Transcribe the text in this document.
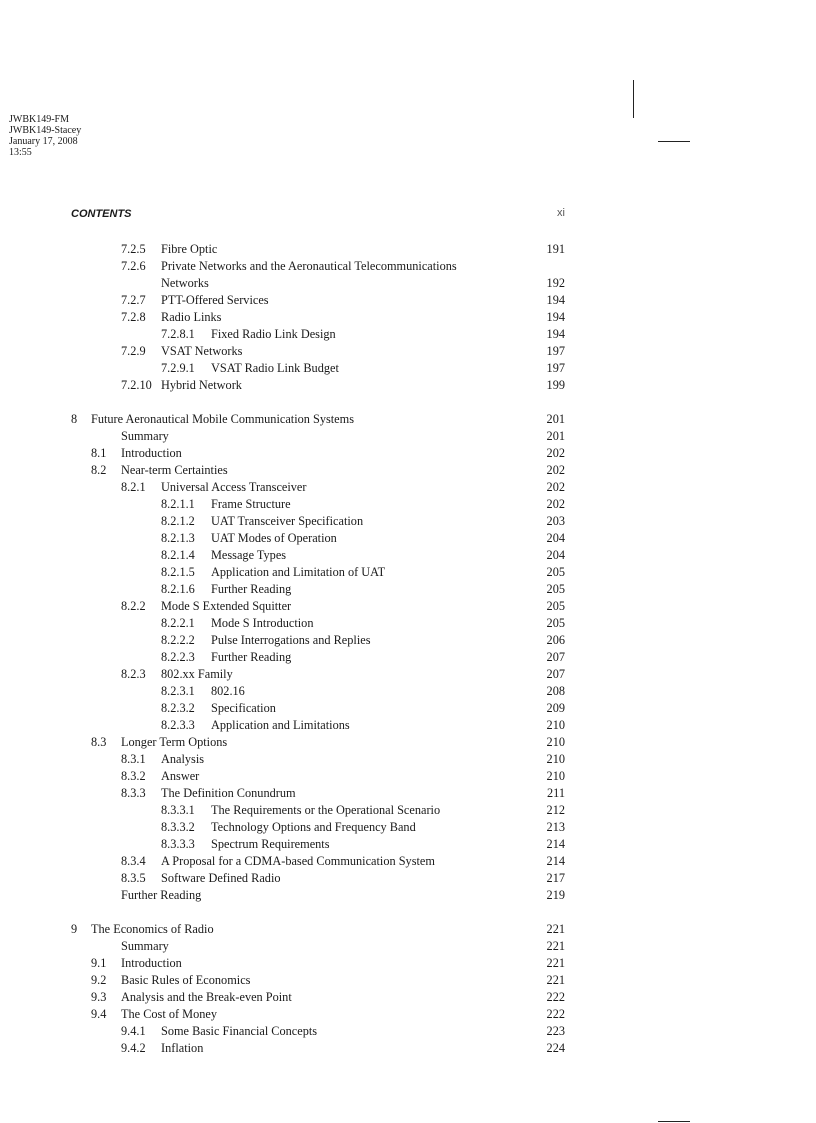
JWBK149-FM
JWBK149-Stacey
January 17, 2008
13:55

CONTENTS	xi
7.2.5 Fibre Optic	191
7.2.6 Private Networks and the Aeronautical Telecommunications
Networks	192
7.2.7 PTT-Offered Services	194
7.2.8 Radio Links	194
7.2.8.1 Fixed Radio Link Design	194
7.2.9 VSAT Networks	197
7.2.9.1 VSAT Radio Link Budget	197
7.2.10 Hybrid Network	199
8 Future Aeronautical Mobile Communication Systems	201
Summary	201
8.1 Introduction	202
8.2 Near-term Certainties	202
8.2.1 Universal Access Transceiver	202
8.2.1.1 Frame Structure	202
8.2.1.2 UAT Transceiver Specification	203
8.2.1.3 UAT Modes of Operation	204
8.2.1.4 Message Types	204
8.2.1.5 Application and Limitation of UAT	205
8.2.1.6 Further Reading	205
8.2.2 Mode S Extended Squitter	205
8.2.2.1 Mode S Introduction	205
8.2.2.2 Pulse Interrogations and Replies	206
8.2.2.3 Further Reading	207
8.2.3 802.xx Family	207
8.2.3.1 802.16	208
8.2.3.2 Specification	209
8.2.3.3 Application and Limitations	210
8.3 Longer Term Options	210
8.3.1 Analysis	210
8.3.2 Answer	210
8.3.3 The Definition Conundrum	211
8.3.3.1 The Requirements or the Operational Scenario	212
8.3.3.2 Technology Options and Frequency Band	213
8.3.3.3 Spectrum Requirements	214
8.3.4 A Proposal for a CDMA-based Communication System	214
8.3.5 Software Defined Radio	217
Further Reading	219
9 The Economics of Radio	221
Summary	221
9.1 Introduction	221
9.2 Basic Rules of Economics	221
9.3 Analysis and the Break-even Point	222
9.4 The Cost of Money	222
9.4.1 Some Basic Financial Concepts	223
9.4.2 Inflation	224
